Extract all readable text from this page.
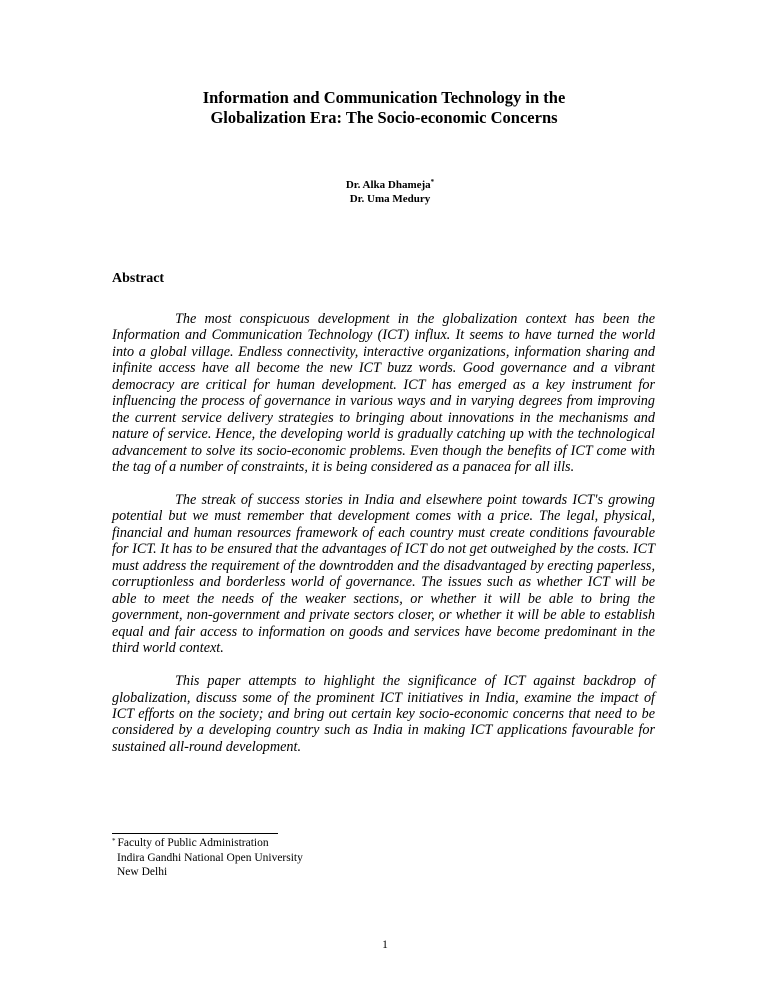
Information and Communication Technology in the
Globalization Era: The Socio-economic Concerns
Dr. Alka Dhameja*
Dr. Uma Medury
Abstract

The most conspicuous development in the globalization context has been the Information and Communication Technology (ICT) influx. It seems to have turned the world into a global village. Endless connectivity, interactive organizations, information sharing and infinite access have all become the new ICT buzz words. Good governance and a vibrant democracy are critical for human development. ICT has emerged as a key instrument for influencing the process of governance in various ways and in varying degrees from improving the current service delivery strategies to bringing about innovations in the mechanisms and nature of service. Hence, the developing world is gradually catching up with the technological advancement to solve its socio-economic problems. Even though the benefits of ICT come with the tag of a number of constraints, it is being considered as a panacea for all ills.

The streak of success stories in India and elsewhere point towards ICT's growing potential but we must remember that development comes with a price. The legal, physical, financial and human resources framework of each country must create conditions favourable for ICT. It has to be ensured that the advantages of ICT do not get outweighed by the costs. ICT must address the requirement of the downtrodden and the disadvantaged by erecting paperless, corruptionless and borderless world of governance. The issues such as whether ICT will be able to meet the needs of the weaker sections, or whether it will be able to bring the government, non-government and private sectors closer, or whether it will be able to establish equal and fair access to information on goods and services have become predominant in the third world context.

This paper attempts to highlight the significance of ICT against backdrop of globalization, discuss some of the prominent ICT initiatives in India, examine the impact of ICT efforts on the society; and bring out certain key socio-economic concerns that need to be considered by a developing country such as India in making ICT applications favourable for sustained all-round development.

* Faculty of Public Administration
Indira Gandhi National Open University
New Delhi
1
